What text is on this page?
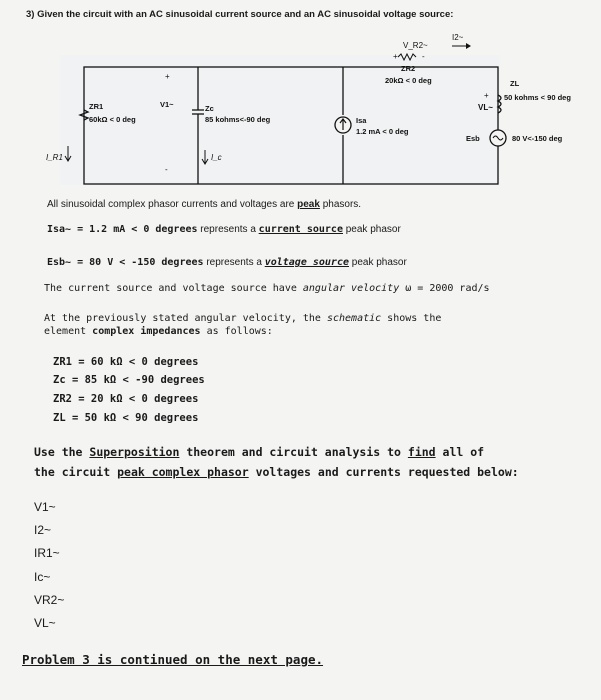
3) Given the circuit with an AC sinusoidal current source and an AC sinusoidal voltage source:
V_R2~
+	-
I2~
ZR2
20kΩ < 0 deg	ZL
50 kohms < 90 deg
+
VL~
ZR1
60kΩ < 0 deg
+
V1~
-
Zc
85 kohms<-90 deg	Isa
1.2 mA < 0 deg
Esb	80 V<-150 deg
I_R1	I_c
All sinusoidal complex phasor currents and voltages are peak phasors.
Isa~ = 1.2 mA < 0 degrees represents a current source peak phasor
Esb~ = 80 V < -150 degrees represents a voltage source peak phasor
The current source and voltage source have angular velocity ω = 2000 rad/s
At the previously stated angular velocity, the schematic shows the
element complex impedances as follows:
ZR1 = 60 kΩ < 0 degrees
Zc = 85 kΩ < -90 degrees
ZR2 = 20 kΩ < 0 degrees
ZL = 50 kΩ < 90 degrees
Use the Superposition theorem and circuit analysis to find all of
the circuit peak complex phasor voltages and currents requested below:
V1~
I2~
IR1~
Ic~
VR2~
VL~
Problem 3 is continued on the next page.
